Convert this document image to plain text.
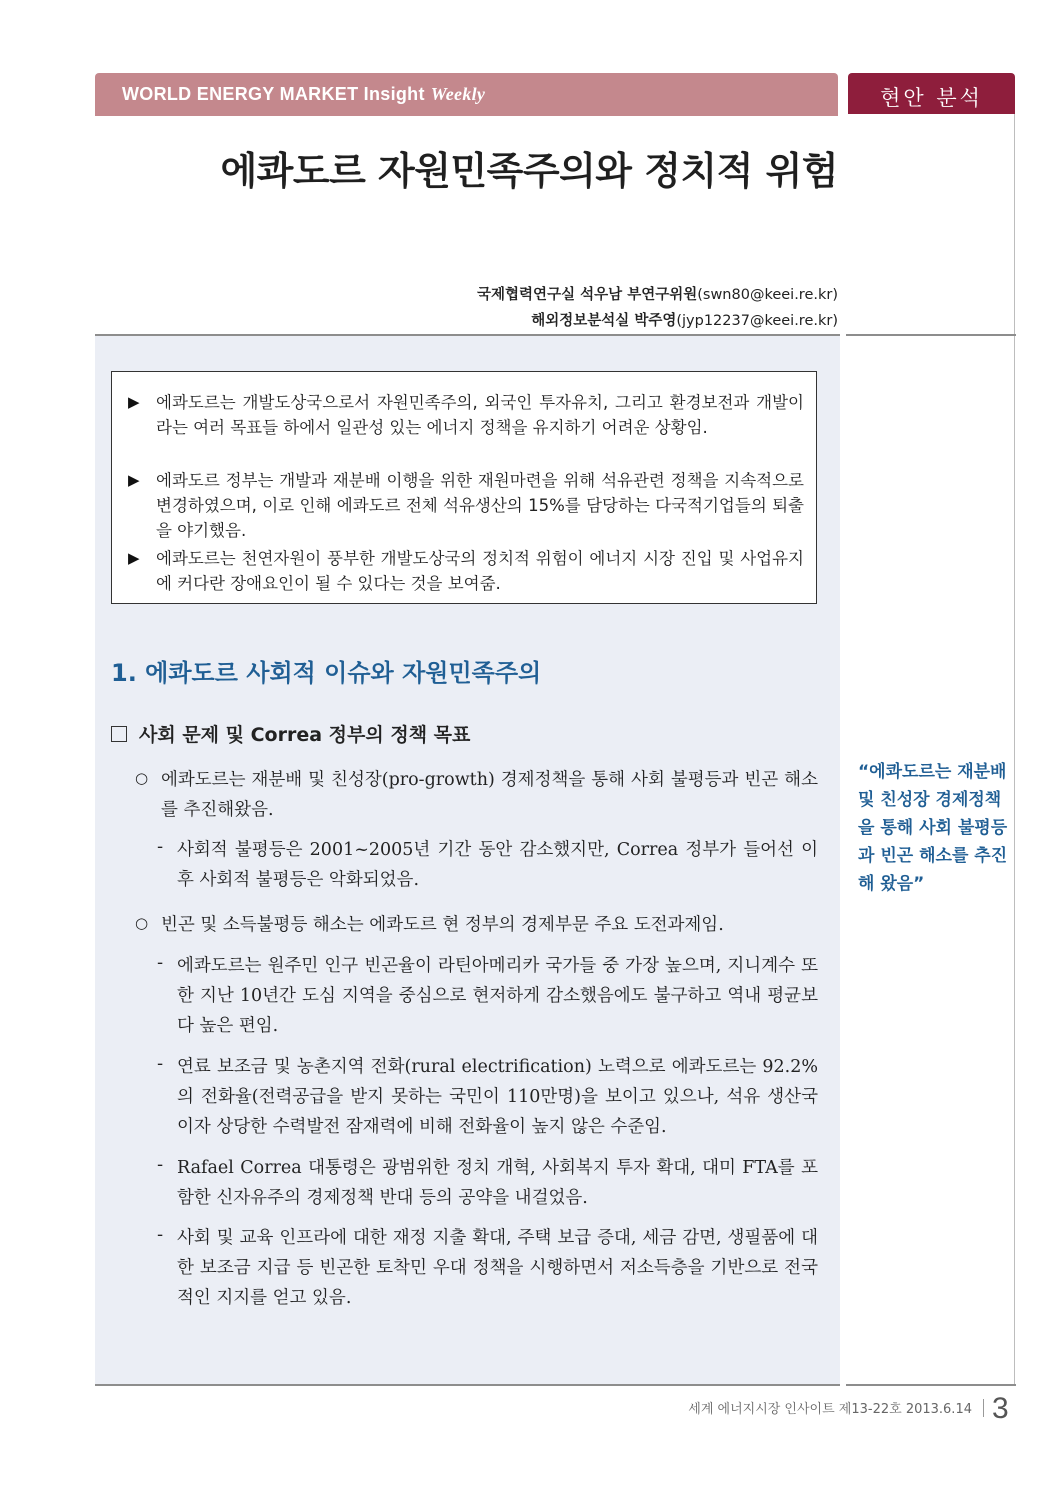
WORLD ENERGY MARKET Insight Weekly	현안 분석
에콰도르 자원민족주의와 정치적 위험
국제협력연구실 석우남 부연구위원(swn80@keei.re.kr)
해외정보분석실 박주영(jyp12237@keei.re.kr)
▶ 에콰도르는 개발도상국으로서 자원민족주의, 외국인 투자유치, 그리고 환경보전과 개발이라는 여러 목표들 하에서 일관성 있는 에너지 정책을 유지하기 어려운 상황임.
▶ 에콰도르 정부는 개발과 재분배 이행을 위한 재원마련을 위해 석유관련 정책을 지속적으로 변경하였으며, 이로 인해 에콰도르 전체 석유생산의 15%를 담당하는 다국적기업들의 퇴출을 야기했음.
▶ 에콰도르는 천연자원이 풍부한 개발도상국의 정치적 위험이 에너지 시장 진입 및 사업유지에 커다란 장애요인이 될 수 있다는 것을 보여줌.
1. 에콰도르 사회적 이슈와 자원민족주의
사회 문제 및 Correa 정부의 정책 목표
○ 에콰도르는 재분배 및 친성장(pro-growth) 경제정책을 통해 사회 불평등과 빈곤 해소를 추진해왔음.
- 사회적 불평등은 2001~2005년 기간 동안 감소했지만, Correa 정부가 들어선 이후 사회적 불평등은 악화되었음.
○ 빈곤 및 소득불평등 해소는 에콰도르 현 정부의 경제부문 주요 도전과제임.
- 에콰도르는 원주민 인구 빈곤율이 라틴아메리카 국가들 중 가장 높으며, 지니계수 또한 지난 10년간 도심 지역을 중심으로 현저하게 감소했음에도 불구하고 역내 평균보다 높은 편임.
- 연료 보조금 및 농촌지역 전화(rural electrification) 노력으로 에콰도르는 92.2%의 전화율(전력공급을 받지 못하는 국민이 110만명)을 보이고 있으나, 석유 생산국이자 상당한 수력발전 잠재력에 비해 전화율이 높지 않은 수준임.
- Rafael Correa 대통령은 광범위한 정치 개혁, 사회복지 투자 확대, 대미 FTA를 포함한 신자유주의 경제정책 반대 등의 공약을 내걸었음.
- 사회 및 교육 인프라에 대한 재정 지출 확대, 주택 보급 증대, 세금 감면, 생필품에 대한 보조금 지급 등 빈곤한 토착민 우대 정책을 시행하면서 저소득층을 기반으로 전국적인 지지를 얻고 있음.
“에콰도르는 재분배 및 친성장 경제정책을 통해 사회 불평등과 빈곤 해소를 추진해 왔음”
세계 에너지시장 인사이트 제13-22호 2013.6.14 3
